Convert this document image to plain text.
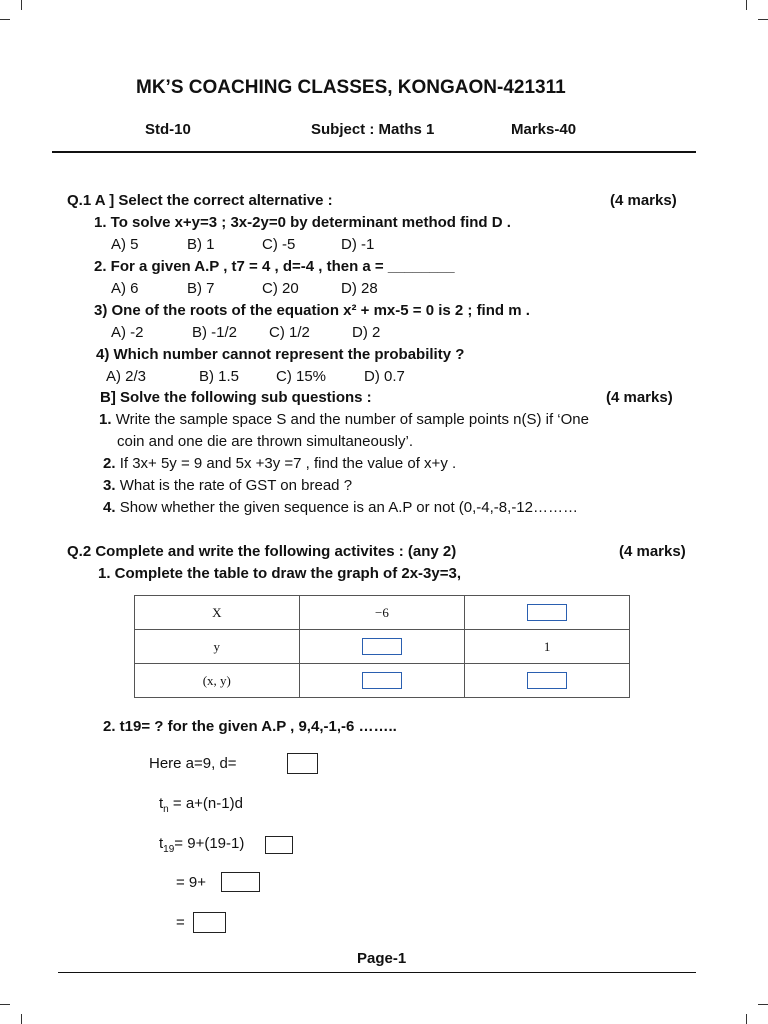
MK’S COACHING CLASSES, KONGAON-421311
Std-10	Subject : Maths 1	Marks-40
Q.1 A ] Select the correct alternative :	(4 marks)
1. To solve x+y=3 ; 3x-2y=0 by determinant method find D .
A) 5	B) 1	C) -5	D) -1
2. For a given A.P , t7 = 4 , d=-4 , then a = ________
A) 6	B) 7	C) 20	D) 28
3) One of the roots of the equation x² + mx-5 = 0 is 2 ; find m .
A) -2	B) -1/2 C) 1/2	D) 2
4) Which number cannot represent the probability ?
A) 2/3	B) 1.5 C) 15%	D) 0.7
B] Solve the following sub questions :	(4 marks)
1. Write the sample space S and the number of sample points n(S) if ‘One
coin and one die are thrown simultaneously’.
2. If 3x+ 5y = 9 and 5x +3y =7 , find the value of x+y .
3. What is the rate of GST on bread ?
4. Show whether the given sequence is an A.P or not (0,-4,-8,-12………
Q.2 Complete and write the following activites : (any 2)	(4 marks)
1. Complete the table to draw the graph of 2x-3y=3,
X	−6	
y		1
(x, y)		
2. t19= ? for the given A.P , 9,4,-1,-6 ……..
Here a=9, d=
$t_n = a+(n-1)d$
$t_{19}= 9+(19-1)$
= 9+
=
Page-1
